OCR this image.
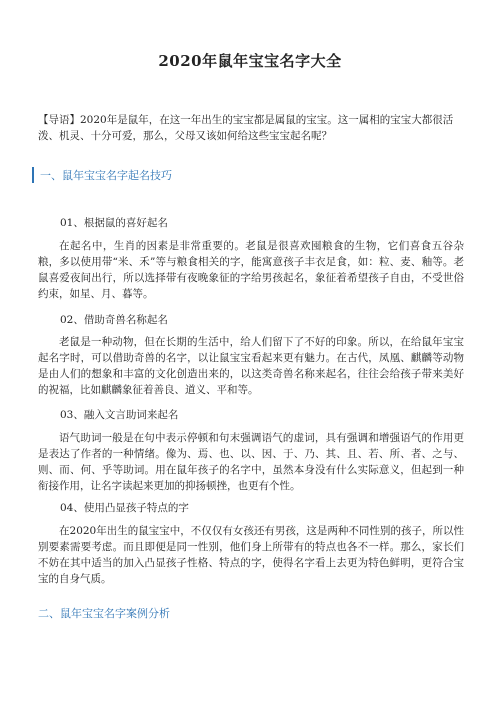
2020年鼠年宝宝名字大全
【导语】2020年是鼠年，在这一年出生的宝宝都是属鼠的宝宝。这一属相的宝宝大都很活泼、机灵、十分可爱，那么，父母又该如何给这些宝宝起名呢？
一、鼠年宝宝名字起名技巧
01、根据鼠的喜好起名
在起名中，生肖的因素是非常重要的。老鼠是很喜欢囤粮食的生物，它们喜食五谷杂粮，多以使用带“米、禾”等与粮食相关的字，能寓意孩子丰衣足食，如：粒、麦、釉等。老鼠喜爱夜间出行，所以选择带有夜晚象征的字给男孩起名，象征着希望孩子自由，不受世俗约束，如星、月、暮等。
02、借助奇兽名称起名
老鼠是一种动物，但在长期的生活中，给人们留下了不好的印象。所以，在给鼠年宝宝起名字时，可以借助奇兽的名字，以让鼠宝宝看起来更有魅力。在古代，凤凰、麒麟等动物是由人们的想象和丰富的文化创造出来的，以这类奇兽名称来起名，往往会给孩子带来美好的祝福，比如麒麟象征着善良、道义、平和等。
03、融入文言助词来起名
语气助词一般是在句中表示停顿和句末强调语气的虚词，具有强调和增强语气的作用更是表达了作者的一种情绪。像为、焉、也、以、因、于、乃、其、且、若、所、者、之与、则、而、何、乎等助词。用在鼠年孩子的名字中，虽然本身没有什么实际意义，但起到一种衔接作用，让名字读起来更加的抑扬顿挫，也更有个性。
04、使用凸显孩子特点的字
在2020年出生的鼠宝宝中，不仅仅有女孩还有男孩，这是两种不同性别的孩子，所以性别要素需要考虑。而且即便是同一性别，他们身上所带有的特点也各不一样。那么，家长们不妨在其中适当的加入凸显孩子性格、特点的字，使得名字看上去更为特色鲜明，更符合宝宝的自身气质。
二、鼠年宝宝名字案例分析
